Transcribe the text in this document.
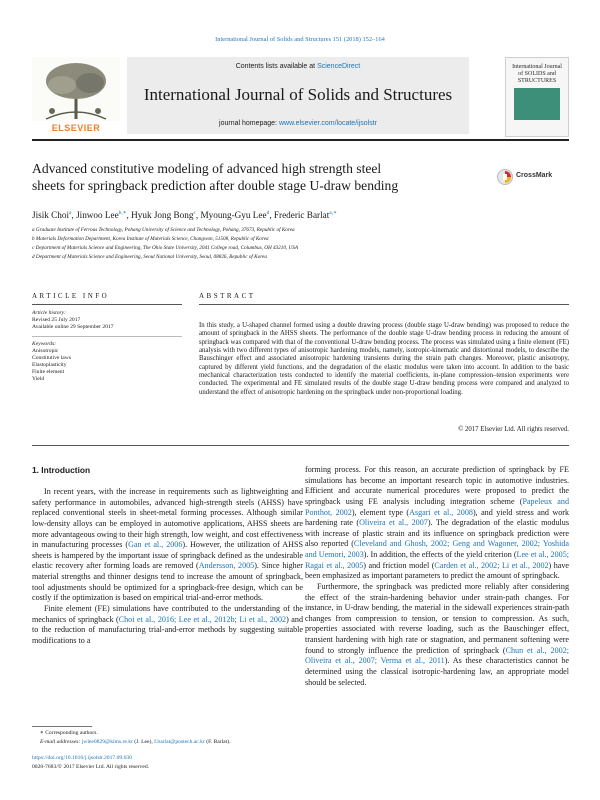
International Journal of Solids and Structures 151 (2018) 152–164
ELSEVIER
Contents lists available at ScienceDirect
International Journal of Solids and Structures
journal homepage: www.elsevier.com/locate/ijsolstr
International Journal of SOLIDS and STRUCTURES
Advanced constitutive modeling of advanced high strength steel
sheets for springback prediction after double stage U-draw bending
CrossMark
Jisik Choi$^a$, Jinwoo Lee$^{b,∗}$, Hyuk Jong Bong$^c$, Myoung-Gyu Lee$^d$, Frederic Barlat$^{a,∗}$
a Graduate Institute of Ferrous Technology, Pohang University of Science and Technology, Pohang, 37673, Republic of Korea
b Materials Deformation Department, Korea Institute of Materials Science, Changwon, 51508, Republic of Korea
c Department of Materials Science and Engineering, The Ohio State University, 2041 College road, Columbus, OH 43210, USA
d Department of Materials Science and Engineering, Seoul National University, Seoul, 08826, Republic of Korea
ARTICLE INFO	ABSTRACT
Article history:
Revised 25 July 2017
Available online 29 September 2017
Keywords:
Anisotropic
Constitutive laws
Elastoplasticity
Finite element
Yield
In this study, a U-shaped channel formed using a double drawing process (double stage U-draw bending) was proposed to reduce the amount of springback in the AHSS sheets. The performance of the double stage U-draw bending process in reducing the amount of springback was compared with that of the conventional U-draw bending process. The process was simulated using a finite element (FE) analysis with two different types of anisotropic hardening models, namely, isotropic-kinematic and distortional models, to describe the Bauschinger effect and associated anisotropic hardening transients during the strain path changes. Moreover, plastic anisotropy, captured by different yield functions, and the degradation of the elastic modulus were taken into account. In addition to the basic mechanical characterization tests conducted to identify the material coefficients, in-plane compression–tension experiments were conducted. The experimental and FE simulated results of the double stage U-draw bending process were compared and analyzed to understand the effect of anisotropic hardening on the springback under non-proportional loading.
© 2017 Elsevier Ltd. All rights reserved.
1. Introduction

In recent years, with the increase in requirements such as lightweighting and safety performance in automobiles, advanced high-strength steels (AHSS) have replaced conventional steels in sheet-metal forming processes. Although similar low-density alloys can be employed in automotive applications, AHSS sheets are more advantageous owing to their high strength, low weight, and cost effectiveness in manufacturing processes (Gan et al., 2006). However, the utilization of AHSS sheets is hampered by the important issue of springback defined as the undesirable elastic recovery after forming loads are removed (Andersson, 2005). Since higher material strengths and thinner designs tend to increase the amount of springback, tool adjustments should be optimized for a springback-free design, which can be costly if the optimization is based on empirical trial-and-error methods.

Finite element (FE) simulations have contributed to the understanding of the mechanics of springback (Choi et al., 2016; Lee et al., 2012b; Li et al., 2002) and to the reduction of manufacturing trial-and-error methods by suggesting suitable modifications to a

forming process. For this reason, an accurate prediction of springback by FE simulations has become an important research topic in automotive industries. Efficient and accurate numerical procedures were proposed to predict the springback using FE analysis including integration scheme (Papeleux and Ponthot, 2002), element type (Asgari et al., 2008), and yield stress and work hardening rate (Oliveira et al., 2007). The degradation of the elastic modulus with increase of plastic strain and its influence on springback prediction were also reported (Cleveland and Ghosh, 2002; Geng and Wagoner, 2002; Yoshida and Uemori, 2003). In addition, the effects of the yield criterion (Lee et al., 2005; Ragai et al., 2005) and friction model (Carden et al., 2002; Li et al., 2002) have been emphasized as important parameters to predict the amount of springback.

Furthermore, the springback was predicted more reliably after considering the effect of the strain-hardening behavior under strain-path changes. For instance, in U-draw bending, the material in the sidewall experiences strain-path changes from compression to tension, or tension to compression. As such, properties associated with reverse loading, such as the Bauschinger effect, transient hardening with high rate or stagnation, and permanent softening were found to strongly influence the prediction of springback (Chun et al., 2002; Oliveira et al., 2007; Verma et al., 2011). As these characteristics cannot be determined using the classical isotropic-hardening law, an appropriate model should be selected.

∗ Corresponding authors.
E-mail addresses: jwlee0829@kims.re.kr (J. Lee), f.barlat@postech.ac.kr (F. Barlat).
https://doi.org/10.1016/j.ijsolstr.2017.09.030
0020-7683/© 2017 Elsevier Ltd. All rights reserved.
